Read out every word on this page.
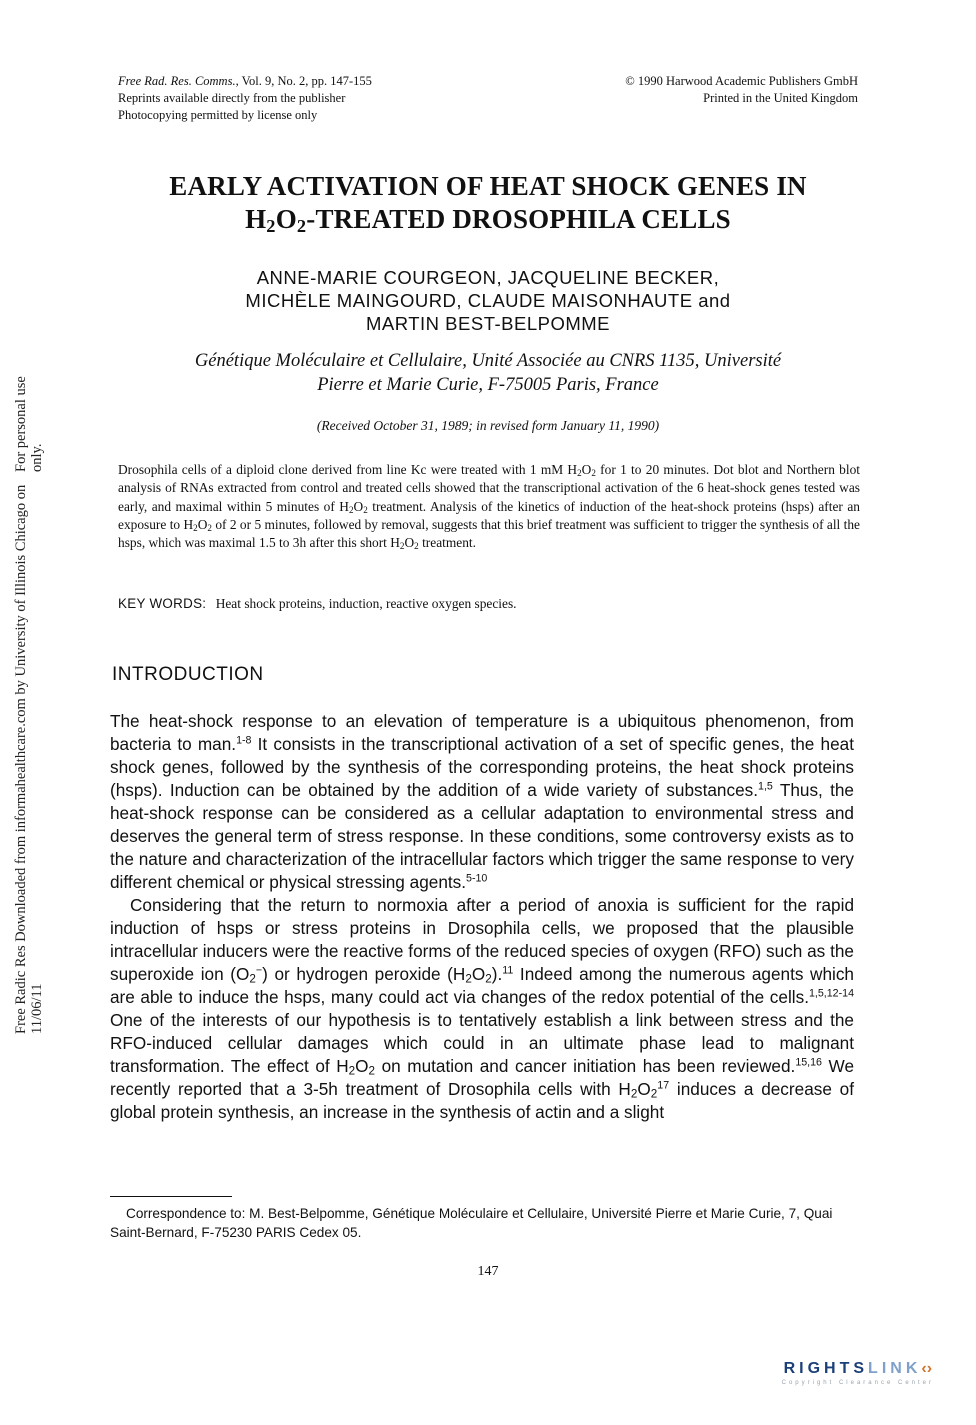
Free Rad. Res. Comms., Vol. 9, No. 2, pp. 147-155
Reprints available directly from the publisher
Photocopying permitted by license only
© 1990 Harwood Academic Publishers GmbH
Printed in the United Kingdom
EARLY ACTIVATION OF HEAT SHOCK GENES IN
$H_2O_2$-TREATED DROSOPHILA CELLS
ANNE-MARIE COURGEON, JACQUELINE BECKER,
MICHÈLE MAINGOURD, CLAUDE MAISONHAUTE and
MARTIN BEST-BELPOMME
Génétique Moléculaire et Cellulaire, Unité Associée au CNRS 1135, Université
Pierre et Marie Curie, F-75005 Paris, France
(Received October 31, 1989; in revised form January 11, 1990)
Drosophila cells of a diploid clone derived from line Kc were treated with 1 mM $H_2O_2$ for 1 to 20 minutes. Dot blot and Northern blot analysis of RNAs extracted from control and treated cells showed that the transcriptional activation of the 6 heat-shock genes tested was early, and maximal within 5 minutes of $H_2O_2$ treatment. Analysis of the kinetics of induction of the heat-shock proteins (hsps) after an exposure to $H_2O_2$ of 2 or 5 minutes, followed by removal, suggests that this brief treatment was sufficient to trigger the synthesis of all the hsps, which was maximal 1.5 to 3h after this short $H_2O_2$ treatment.
KEY WORDS: Heat shock proteins, induction, reactive oxygen species.
INTRODUCTION

The heat-shock response to an elevation of temperature is a ubiquitous phenomenon, from bacteria to man.$^{1-8}$ It consists in the transcriptional activation of a set of specific genes, the heat shock genes, followed by the synthesis of the corresponding proteins, the heat shock proteins (hsps). Induction can be obtained by the addition of a wide variety of substances.$^{1,5}$ Thus, the heat-shock response can be considered as a cellular adaptation to environmental stress and deserves the general term of stress response. In these conditions, some controversy exists as to the nature and characterization of the intracellular factors which trigger the same response to very different chemical or physical stressing agents.$^{5-10}$

Considering that the return to normoxia after a period of anoxia is sufficient for the rapid induction of hsps or stress proteins in Drosophila cells, we proposed that the plausible intracellular inducers were the reactive forms of the reduced species of oxygen (RFO) such as the superoxide ion $(O_2^-)$ or hydrogen peroxide $(H_2O_2).^{11}$ Indeed among the numerous agents which are able to induce the hsps, many could act via changes of the redox potential of the cells.$^{1,5,12-14}$ One of the interests of our hypothesis is to tentatively establish a link between stress and the RFO-induced cellular damages which could in an ultimate phase lead to malignant transformation. The effect of $H_2O_2$ on mutation and cancer initiation has been reviewed.$^{15,16}$ We recently reported that a 3-5h treatment of Drosophila cells with $H_2O_2^{17}$ induces a decrease of global protein synthesis, an increase in the synthesis of actin and a slight

Correspondence to: M. Best-Belpomme, Génétique Moléculaire et Cellulaire, Université Pierre et Marie Curie, 7, Quai Saint-Bernard, F-75230 PARIS Cedex 05.
147
Free Radic Res Downloaded from informahealthcare.com by University of Illinois Chicago on 11/06/11
For personal use only.
RIGHTSLINK‹›
Copyright Clearance Center
